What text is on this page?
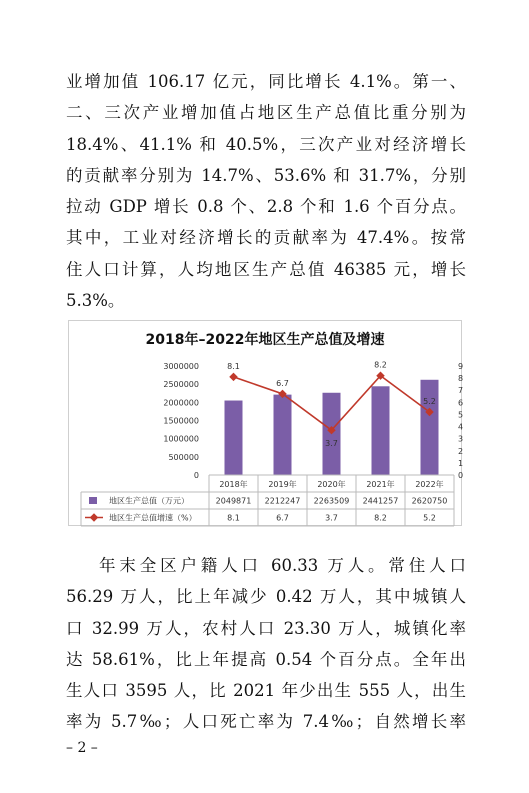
业增加值 106.17 亿元，同比增长 4.1%。第一、
二、三次产业增加值占地区生产总值比重分别为
18.4%、41.1% 和 40.5%，三次产业对经济增长
的贡献率分别为 14.7%、53.6% 和 31.7%，分别
拉动 GDP 增长 0.8 个、2.8 个和 1.6 个百分点。
其中，工业对经济增长的贡献率为 47.4%。按常
住人口计算，人均地区生产总值 46385 元，增长
5.3%。
2018年–2022年地区生产总值及增速
0
500000
1000000
1500000
2000000
2500000
3000000
0
1
2
3
4
5
6
7
8
9
8.1
6.7
3.7
8.2
5.2
2018年	2019年	2020年	2021年	2022年
地区生产总值（万元）	2049871 2212247 2263509 2441257 2620750
地区生产总值增速（%）	8.1	6.7	3.7	8.2	5.2
年末全区户籍人口 60.33 万人。常住人口
56.29 万人，比上年减少 0.42 万人，其中城镇人
口 32.99 万人，农村人口 23.30 万人，城镇化率
达 58.61%，比上年提高 0.54 个百分点。全年出
生人口 3595 人，比 2021 年少出生 555 人，出生
率为 5.7‰；人口死亡率为 7.4‰；自然增长率
– 2 –
